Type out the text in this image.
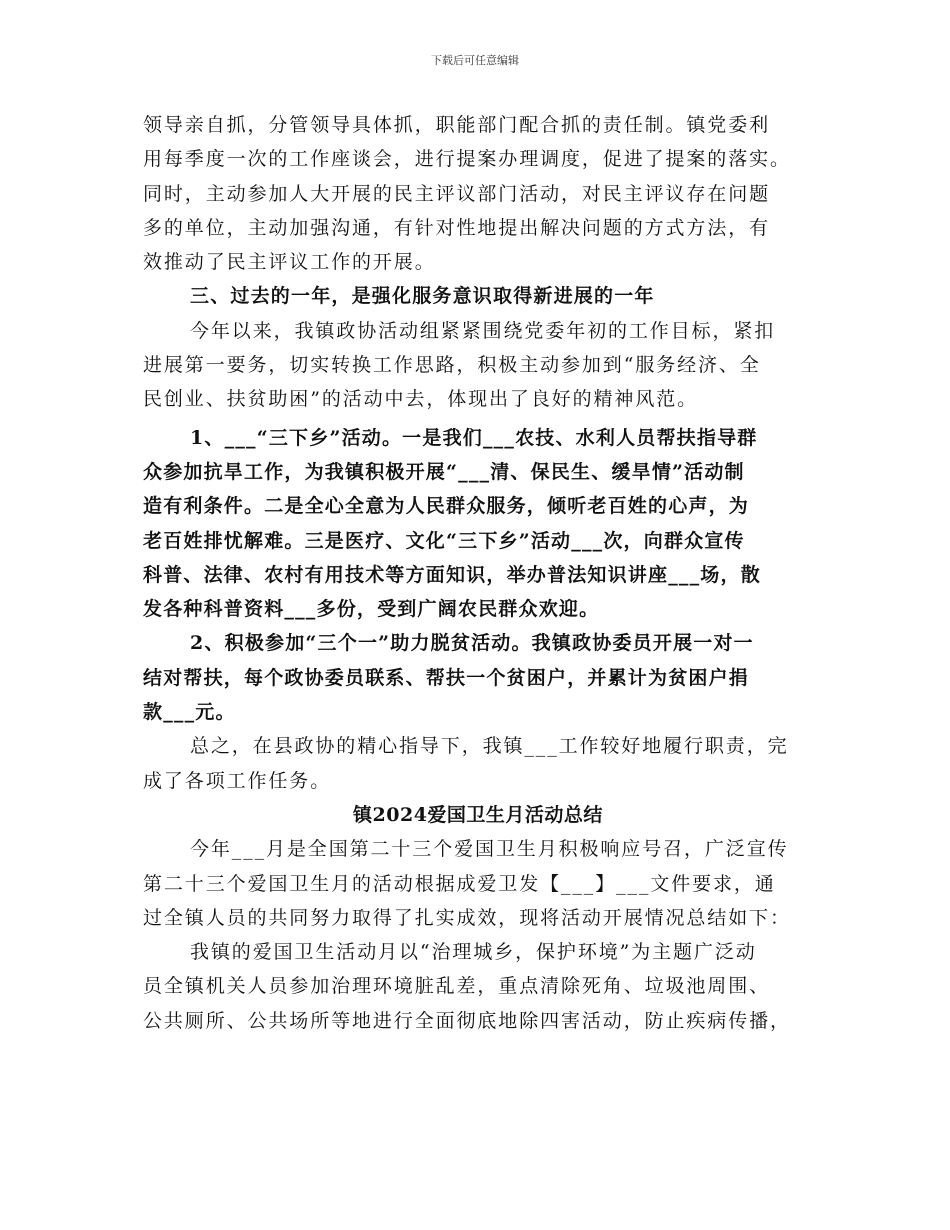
下载后可任意编辑
领导亲自抓，分管领导具体抓，职能部门配合抓的责任制。镇党委利
用每季度一次的工作座谈会，进行提案办理调度，促进了提案的落实。
同时，主动参加人大开展的民主评议部门活动，对民主评议存在问题
多的单位，主动加强沟通，有针对性地提出解决问题的方式方法，有
效推动了民主评议工作的开展。
三、过去的一年，是强化服务意识取得新进展的一年
今年以来，我镇政协活动组紧紧围绕党委年初的工作目标，紧扣
进展第一要务，切实转换工作思路，积极主动参加到“服务经济、全
民创业、扶贫助困”的活动中去，体现出了良好的精神风范。
1、___“三下乡”活动。一是我们___农技、水利人员帮扶指导群
众参加抗旱工作，为我镇积极开展“___清、保民生、缓旱情”活动制
造有利条件。二是全心全意为人民群众服务，倾听老百姓的心声，为
老百姓排忧解难。三是医疗、文化“三下乡”活动___次，向群众宣传
科普、法律、农村有用技术等方面知识，举办普法知识讲座___场，散
发各种科普资料___多份，受到广阔农民群众欢迎。
2、积极参加“三个一”助力脱贫活动。我镇政协委员开展一对一
结对帮扶，每个政协委员联系、帮扶一个贫困户，并累计为贫困户捐
款___元。
总之，在县政协的精心指导下，我镇___工作较好地履行职责，完
成了各项工作任务。
镇2024爱国卫生月活动总结
今年___月是全国第二十三个爱国卫生月积极响应号召，广泛宣传
第二十三个爱国卫生月的活动根据成爱卫发【___】___文件要求，通
过全镇人员的共同努力取得了扎实成效，现将活动开展情况总结如下：
我镇的爱国卫生活动月以“治理城乡，保护环境”为主题广泛动
员全镇机关人员参加治理环境脏乱差，重点清除死角、垃圾池周围、
公共厕所、公共场所等地进行全面彻底地除四害活动，防止疾病传播，
